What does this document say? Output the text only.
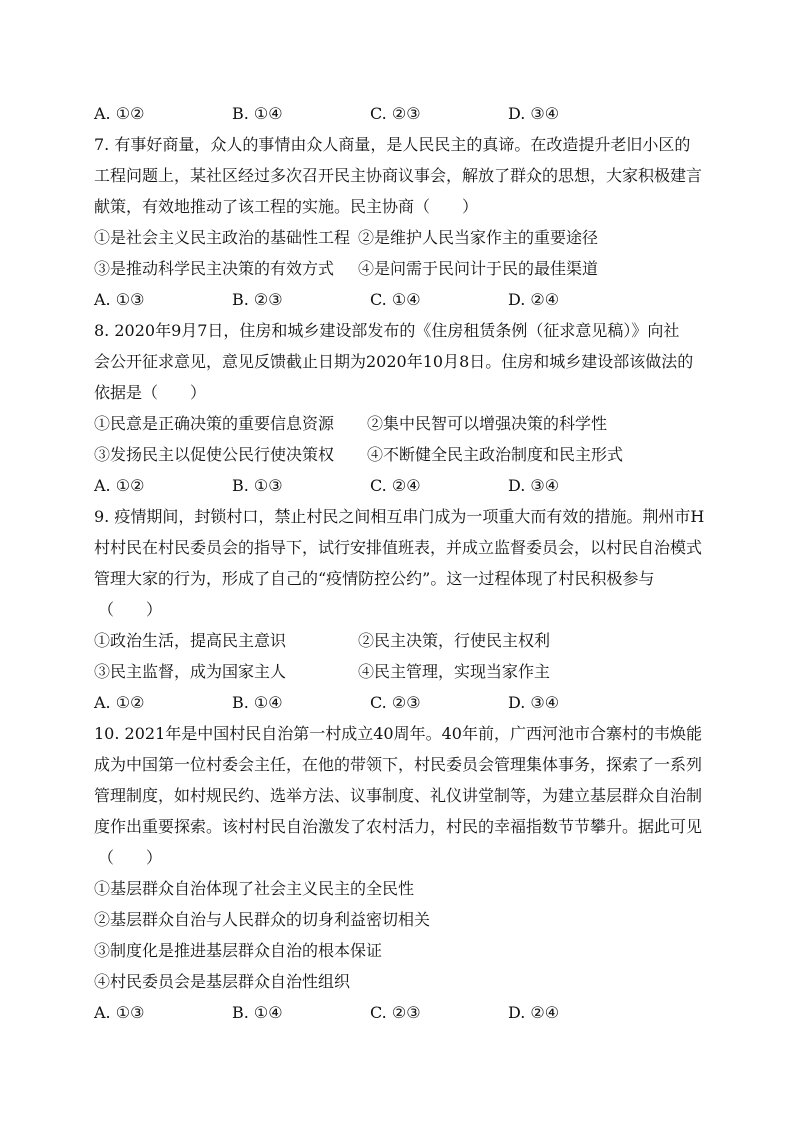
A. ①②	B. ①④	C. ②③	D. ③④
7. 有事好商量，众人的事情由众人商量，是人民民主的真谛。在改造提升老旧小区的
工程问题上，某社区经过多次召开民主协商议事会，解放了群众的思想，大家积极建言
献策，有效地推动了该工程的实施。民主协商（　　）
①是社会主义民主政治的基础性工程 ②是维护人民当家作主的重要途径
③是推动科学民主决策的有效方式	④是问需于民问计于民的最佳渠道
A. ①③	B. ②③	C. ①④	D. ②④
8. 2020年9月7日，住房和城乡建设部发布的《住房租赁条例（征求意见稿）》向社
会公开征求意见，意见反馈截止日期为2020年10月8日。住房和城乡建设部该做法的
依据是（　　）
①民意是正确决策的重要信息资源	②集中民智可以增强决策的科学性
③发扬民主以促使公民行使决策权	④不断健全民主政治制度和民主形式
A. ①②	B. ①③	C. ②④	D. ③④
9. 疫情期间，封锁村口，禁止村民之间相互串门成为一项重大而有效的措施。荆州市H
村村民在村民委员会的指导下，试行安排值班表，并成立监督委员会，以村民自治模式
管理大家的行为，形成了自己的“疫情防控公约”。这一过程体现了村民积极参与
（　　）
①政治生活，提高民主意识	②民主决策，行使民主权利
③民主监督，成为国家主人	④民主管理，实现当家作主
A. ①②	B. ①④	C. ②③	D. ③④
10. 2021年是中国村民自治第一村成立40周年。40年前，广西河池市合寨村的韦焕能
成为中国第一位村委会主任，在他的带领下，村民委员会管理集体事务，探索了一系列
管理制度，如村规民约、选举方法、议事制度、礼仪讲堂制等，为建立基层群众自治制
度作出重要探索。该村村民自治激发了农村活力，村民的幸福指数节节攀升。据此可见
（　　）
①基层群众自治体现了社会主义民主的全民性
②基层群众自治与人民群众的切身利益密切相关
③制度化是推进基层群众自治的根本保证
④村民委员会是基层群众自治性组织
A. ①③	B. ①④	C. ②③	D. ②④
